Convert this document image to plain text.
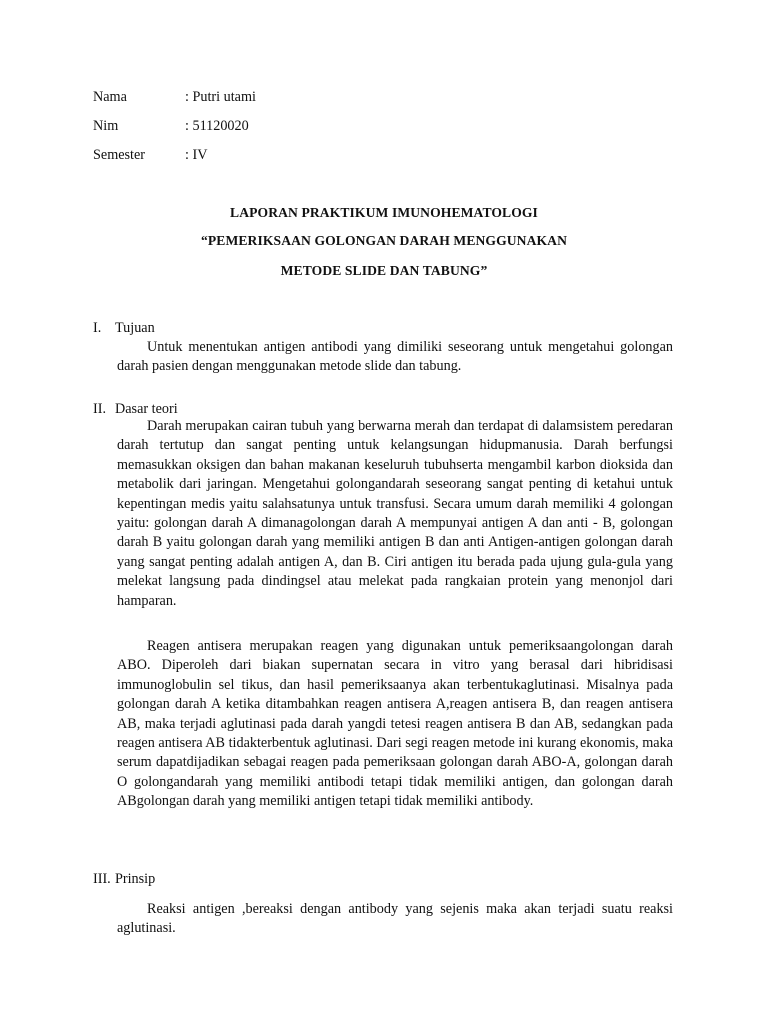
Nama	: Putri utami
Nim	: 51120020
Semester	: IV
LAPORAN PRAKTIKUM IMUNOHEMATOLOGI
“PEMERIKSAAN GOLONGAN DARAH MENGGUNAKAN
METODE SLIDE DAN TABUNG”
I. Tujuan

Untuk menentukan antigen antibodi yang dimiliki seseorang untuk mengetahui golongan darah pasien dengan menggunakan metode slide dan tabung.

II. Dasar teori

Darah merupakan cairan tubuh yang berwarna merah dan terdapat di dalamsistem peredaran darah tertutup dan sangat penting untuk kelangsungan hidupmanusia. Darah berfungsi memasukkan oksigen dan bahan makanan keseluruh tubuhserta mengambil karbon dioksida dan metabolik dari jaringan. Mengetahui golongandarah seseorang sangat penting di ketahui untuk kepentingan medis yaitu salahsatunya untuk transfusi. Secara umum darah memiliki 4 golongan yaitu: golongan darah A dimanagolongan darah A mempunyai antigen A dan anti - B, golongan darah B yaitu golongan darah yang memiliki antigen B dan anti Antigen-antigen golongan darah yang sangat penting adalah antigen A, dan B. Ciri antigen itu berada pada ujung gula-gula yang melekat langsung pada dindingsel atau melekat pada rangkaian protein yang menonjol dari hamparan.

Reagen antisera merupakan reagen yang digunakan untuk pemeriksaangolongan darah ABO. Diperoleh dari biakan supernatan secara in vitro yang berasal dari hibridisasi immunoglobulin sel tikus, dan hasil pemeriksaanya akan terbentukaglutinasi. Misalnya pada golongan darah A ketika ditambahkan reagen antisera A,reagen antisera B, dan reagen antisera AB, maka terjadi aglutinasi pada darah yangdi tetesi reagen antisera B dan AB, sedangkan pada reagen antisera AB tidakterbentuk aglutinasi. Dari segi reagen metode ini kurang ekonomis, maka serum dapatdijadikan sebagai reagen pada pemeriksaan golongan darah ABO-A, golongan darah O golongandarah yang memiliki antibodi tetapi tidak memiliki antigen, dan golongan darah ABgolongan darah yang memiliki antigen tetapi tidak memiliki antibody.

III. Prinsip

Reaksi antigen ,bereaksi dengan antibody yang sejenis maka akan terjadi suatu reaksi aglutinasi.
